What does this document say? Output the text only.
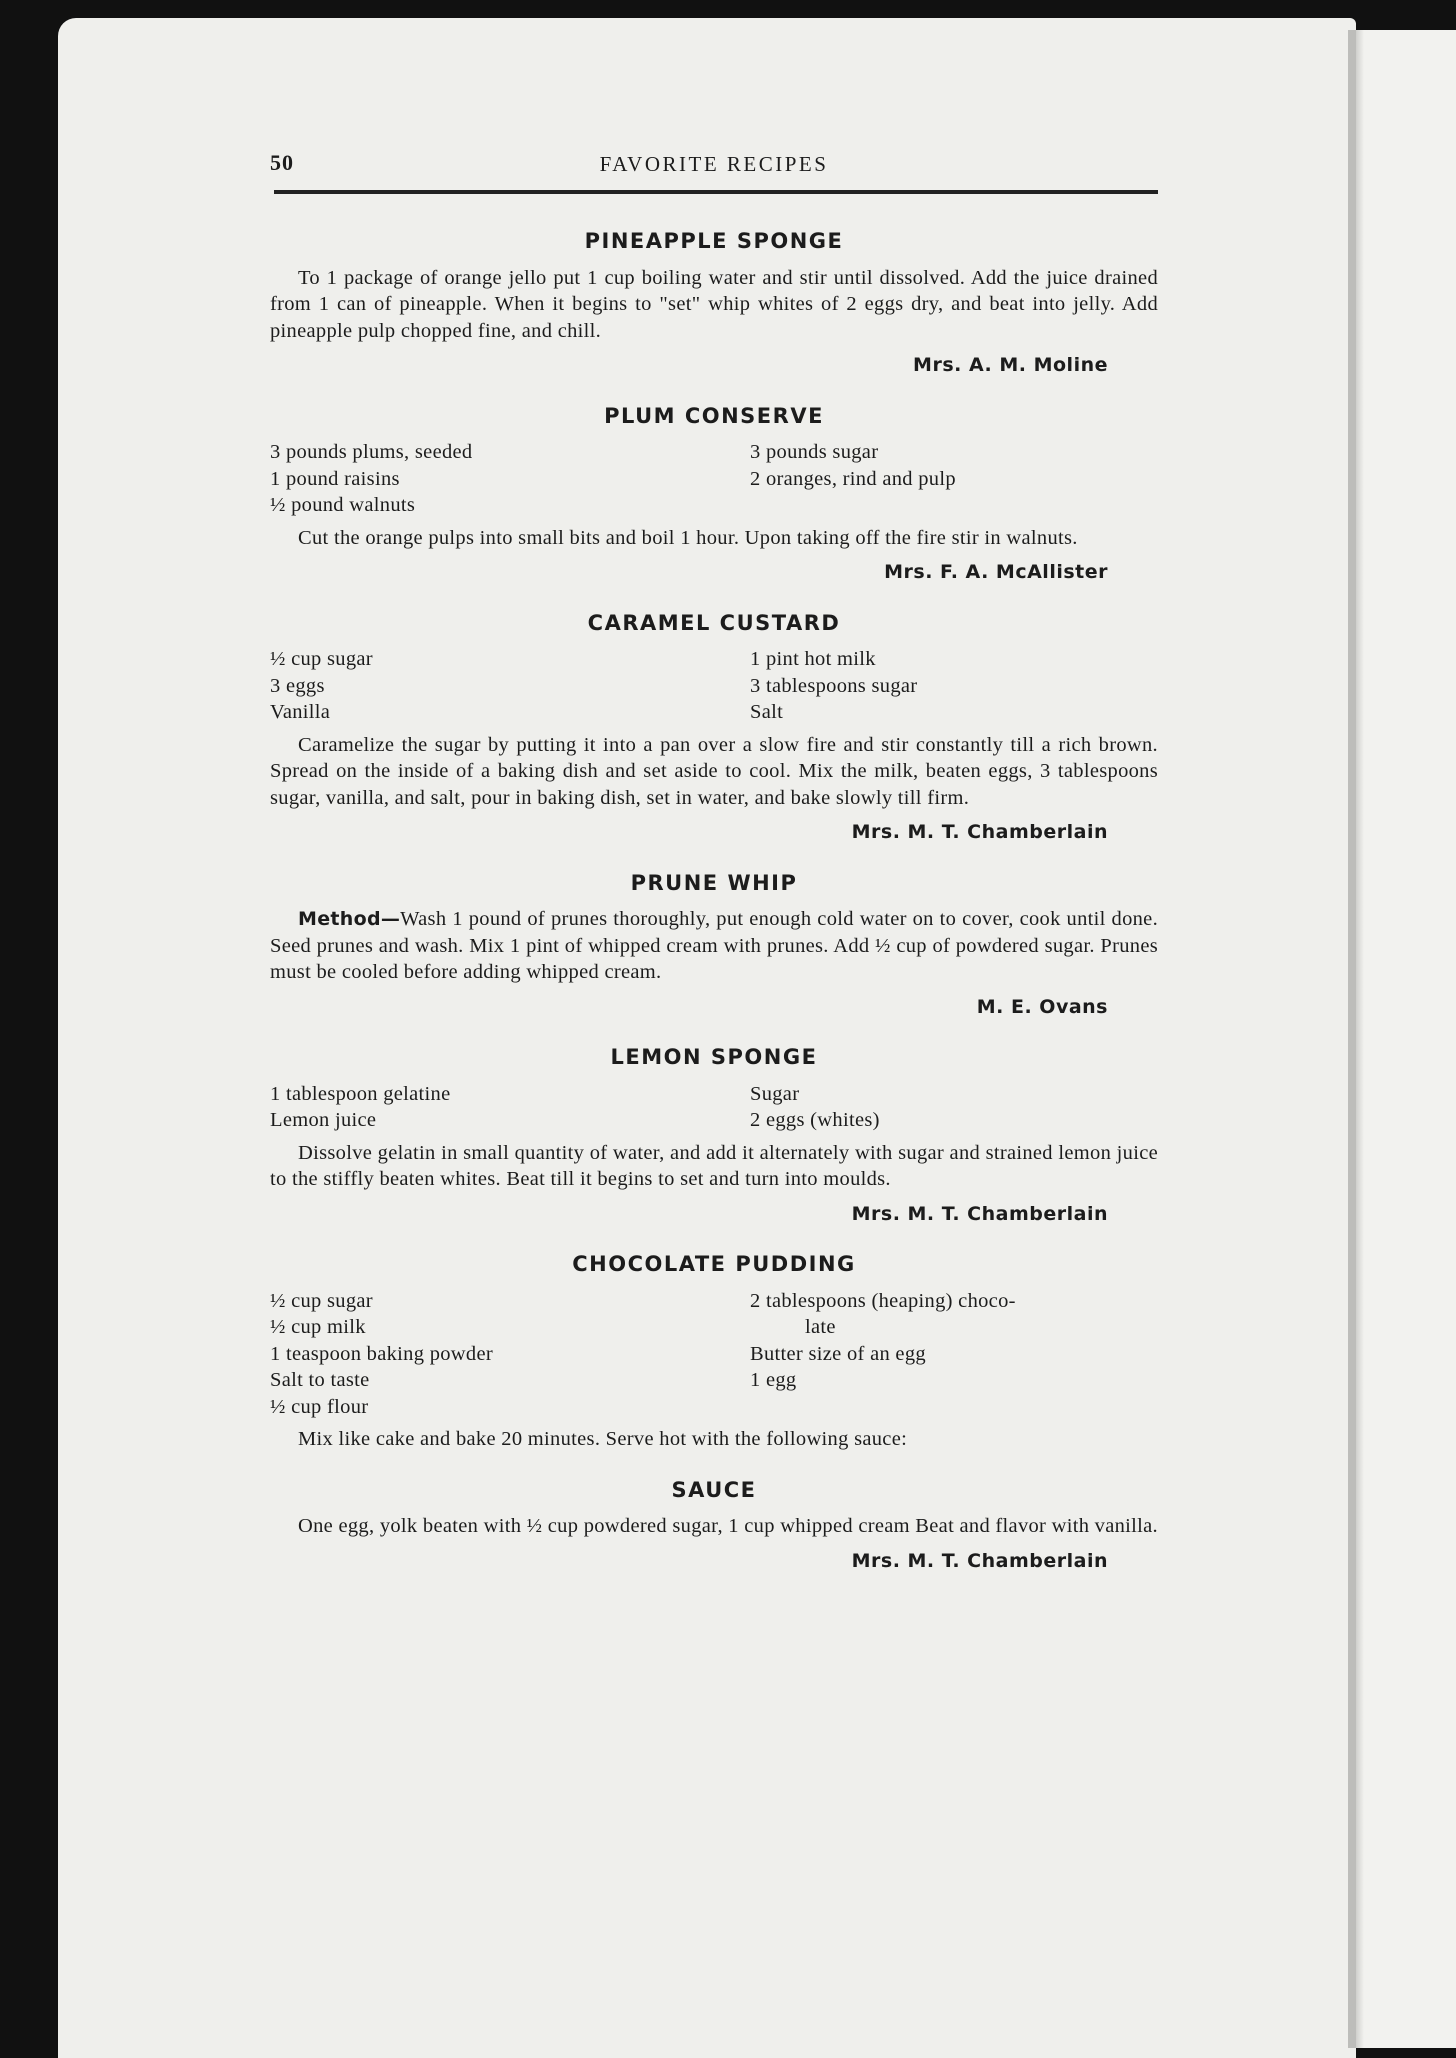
50	FAVORITE RECIPES
PINEAPPLE SPONGE

To 1 package of orange jello put 1 cup boiling water and stir until dissolved. Add the juice drained from 1 can of pineapple. When it begins to "set" whip whites of 2 eggs dry, and beat into jelly. Add pineapple pulp chopped fine, and chill.

Mrs. A. M. Moline
PLUM CONSERVE
3 pounds plums, seeded
1 pound raisins
½ pound walnuts
3 pounds sugar
2 oranges, rind and pulp

Cut the orange pulps into small bits and boil 1 hour. Upon taking off the fire stir in walnuts.

Mrs. F. A. McAllister
CARAMEL CUSTARD
½ cup sugar
3 eggs
Vanilla
1 pint hot milk
3 tablespoons sugar
Salt

Caramelize the sugar by putting it into a pan over a slow fire and stir constantly till a rich brown. Spread on the inside of a baking dish and set aside to cool. Mix the milk, beaten eggs, 3 tablespoons sugar, vanilla, and salt, pour in baking dish, set in water, and bake slowly till firm.

Mrs. M. T. Chamberlain
PRUNE WHIP

Method—Wash 1 pound of prunes thoroughly, put enough cold water on to cover, cook until done. Seed prunes and wash. Mix 1 pint of whipped cream with prunes. Add ½ cup of powdered sugar. Prunes must be cooled before adding whipped cream.

M. E. Ovans
LEMON SPONGE
1 tablespoon gelatine
Lemon juice
Sugar
2 eggs (whites)

Dissolve gelatin in small quantity of water, and add it alternately with sugar and strained lemon juice to the stiffly beaten whites. Beat till it begins to set and turn into moulds.

Mrs. M. T. Chamberlain
CHOCOLATE PUDDING
½ cup sugar
½ cup milk
1 teaspoon baking powder
Salt to taste
½ cup flour
2 tablespoons (heaping) choco-
late
Butter size of an egg
1 egg

Mix like cake and bake 20 minutes. Serve hot with the following sauce:

SAUCE

One egg, yolk beaten with ½ cup powdered sugar, 1 cup whipped cream Beat and flavor with vanilla.

Mrs. M. T. Chamberlain
